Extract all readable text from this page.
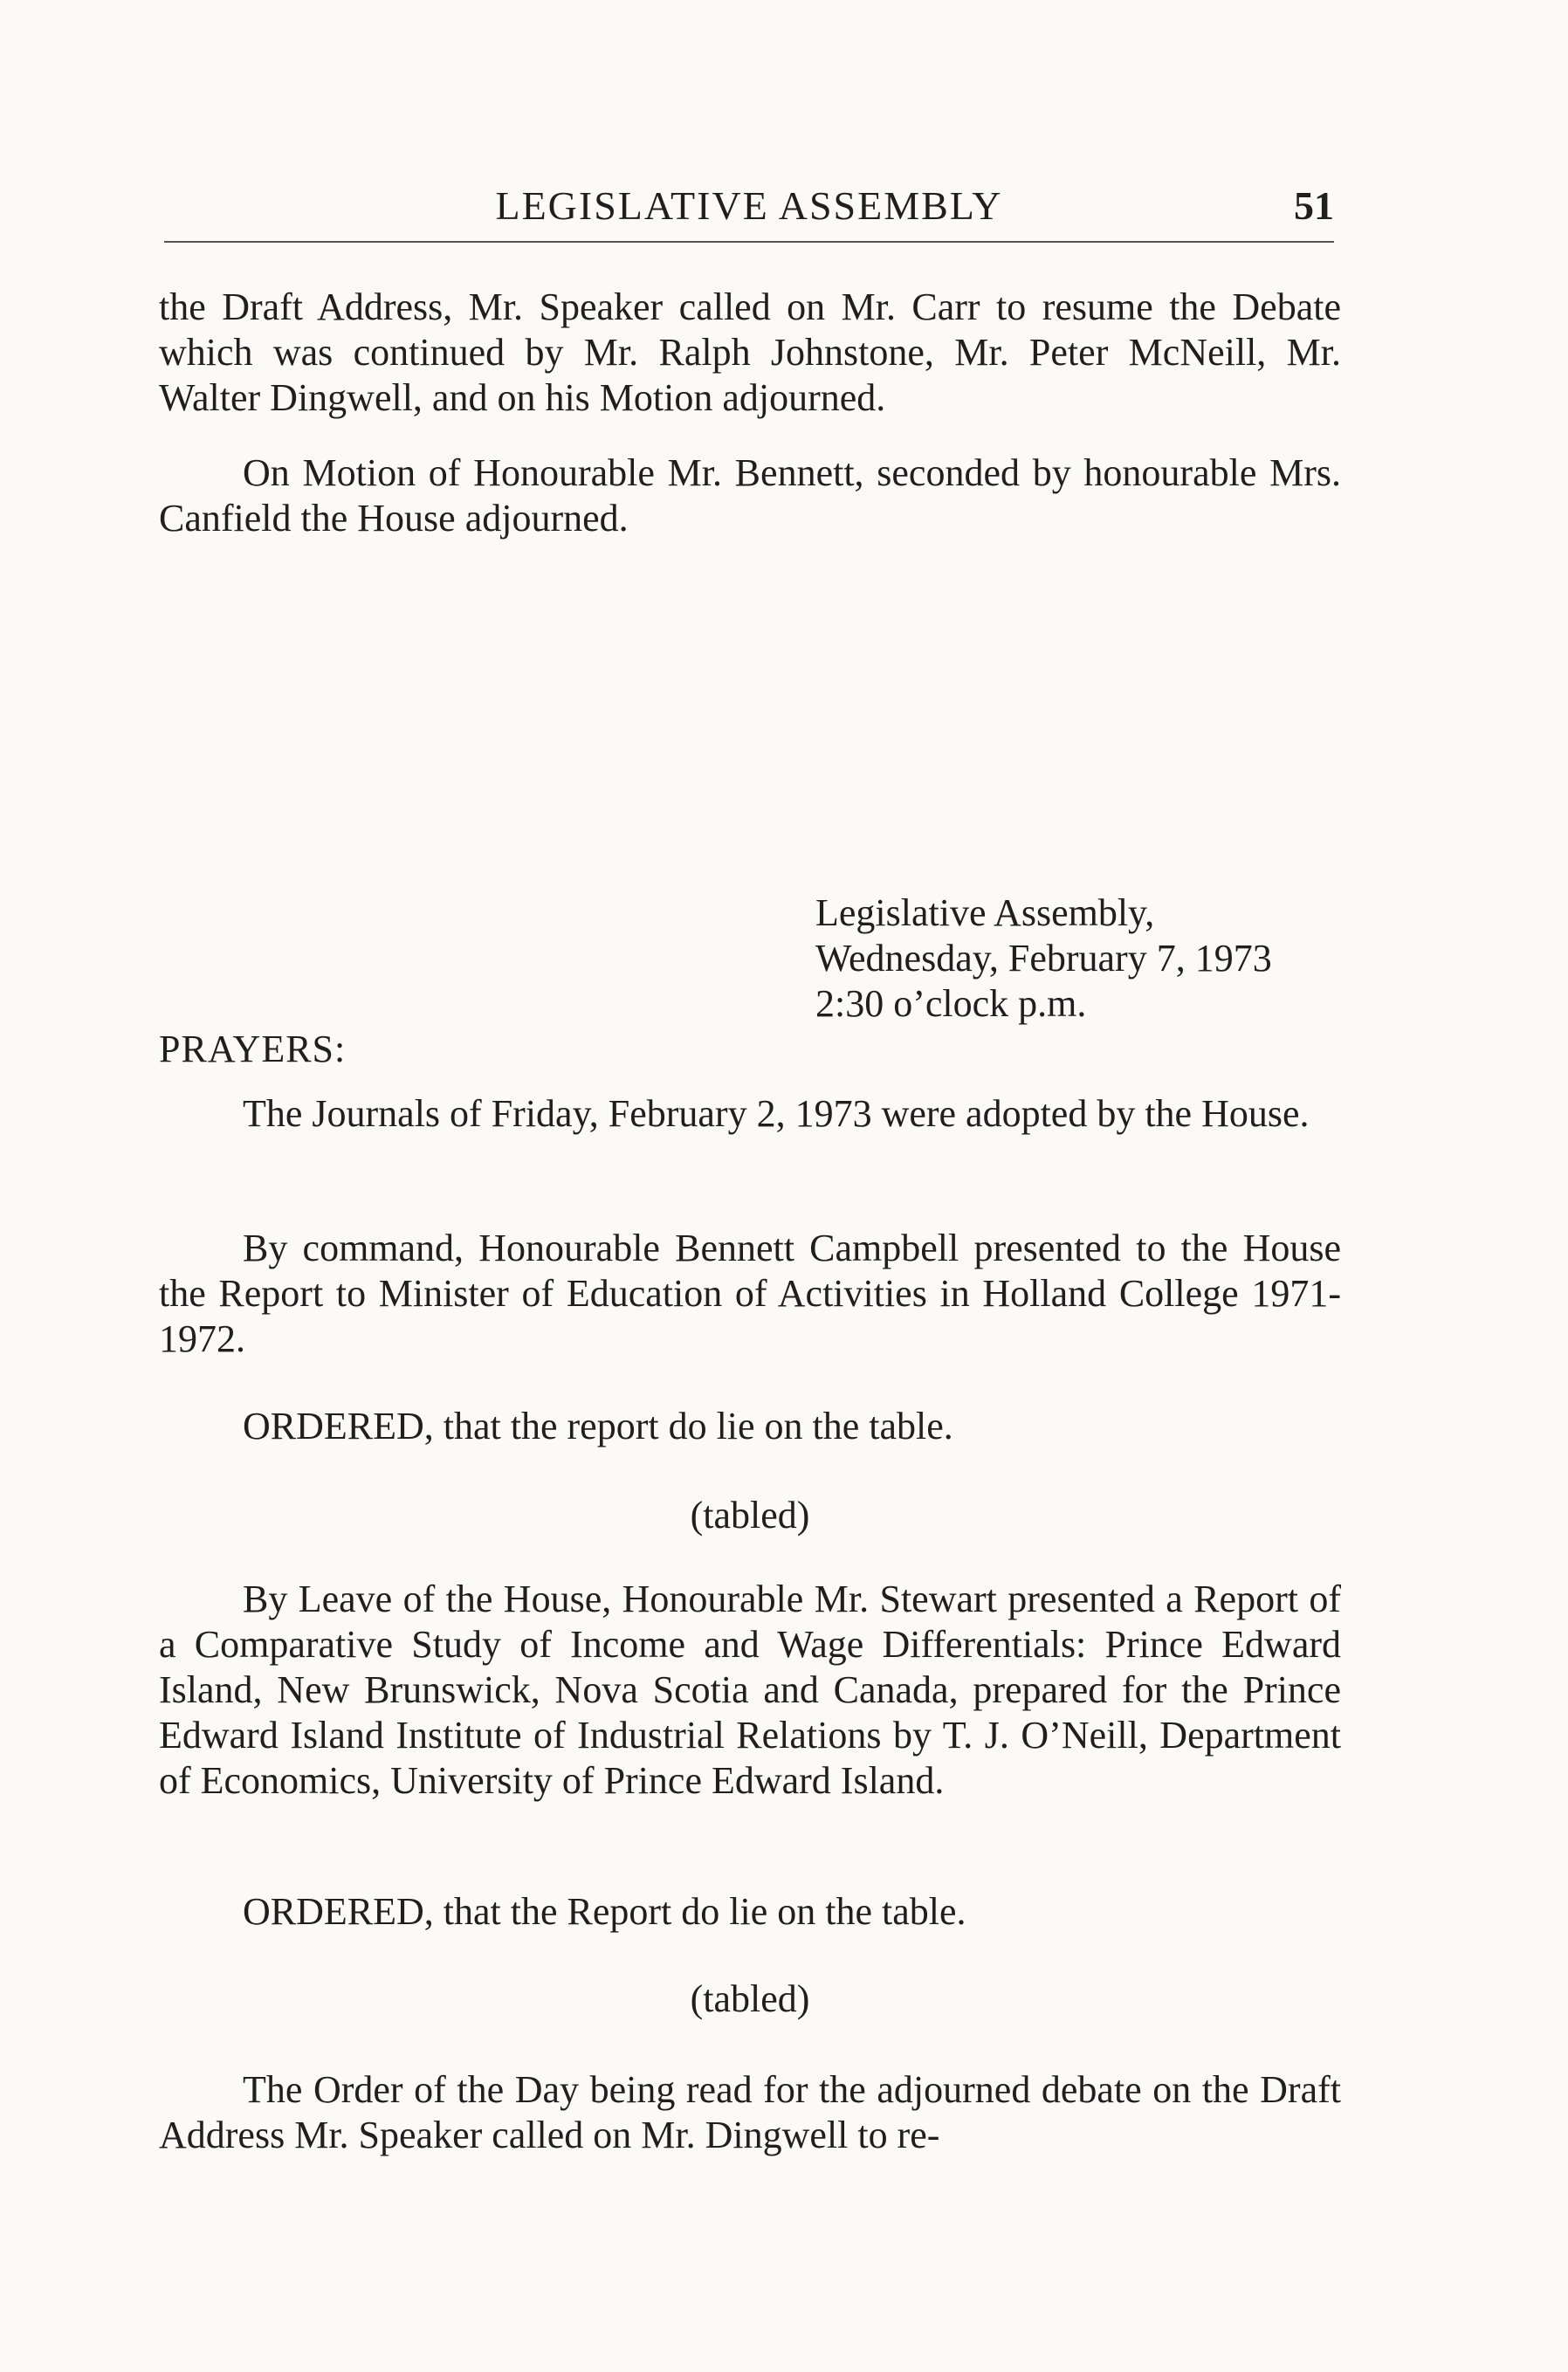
LEGISLATIVE ASSEMBLY	51

the Draft Address, Mr. Speaker called on Mr. Carr to resume the Debate which was continued by Mr. Ralph Johnstone, Mr. Peter McNeill, Mr. Walter Dingwell, and on his Motion adjourned.

On Motion of Honourable Mr. Bennett, seconded by honourable Mrs. Canfield the House adjourned.

Legislative Assembly,
Wednesday, February 7, 1973
2:30 o’clock p.m.
PRAYERS:

The Journals of Friday, February 2, 1973 were adopted by the House.

By command, Honourable Bennett Campbell presented to the House the Report to Minister of Education of Activities in Holland College 1971-1972.

ORDERED, that the report do lie on the table.

(tabled)

By Leave of the House, Honourable Mr. Stewart presented a Report of a Comparative Study of Income and Wage Differentials: Prince Edward Island, New Brunswick, Nova Scotia and Canada, prepared for the Prince Edward Island Institute of Industrial Relations by T. J. O’Neill, Department of Economics, University of Prince Edward Island.

ORDERED, that the Report do lie on the table.

(tabled)

The Order of the Day being read for the adjourned debate on the Draft Address Mr. Speaker called on Mr. Dingwell to re-
